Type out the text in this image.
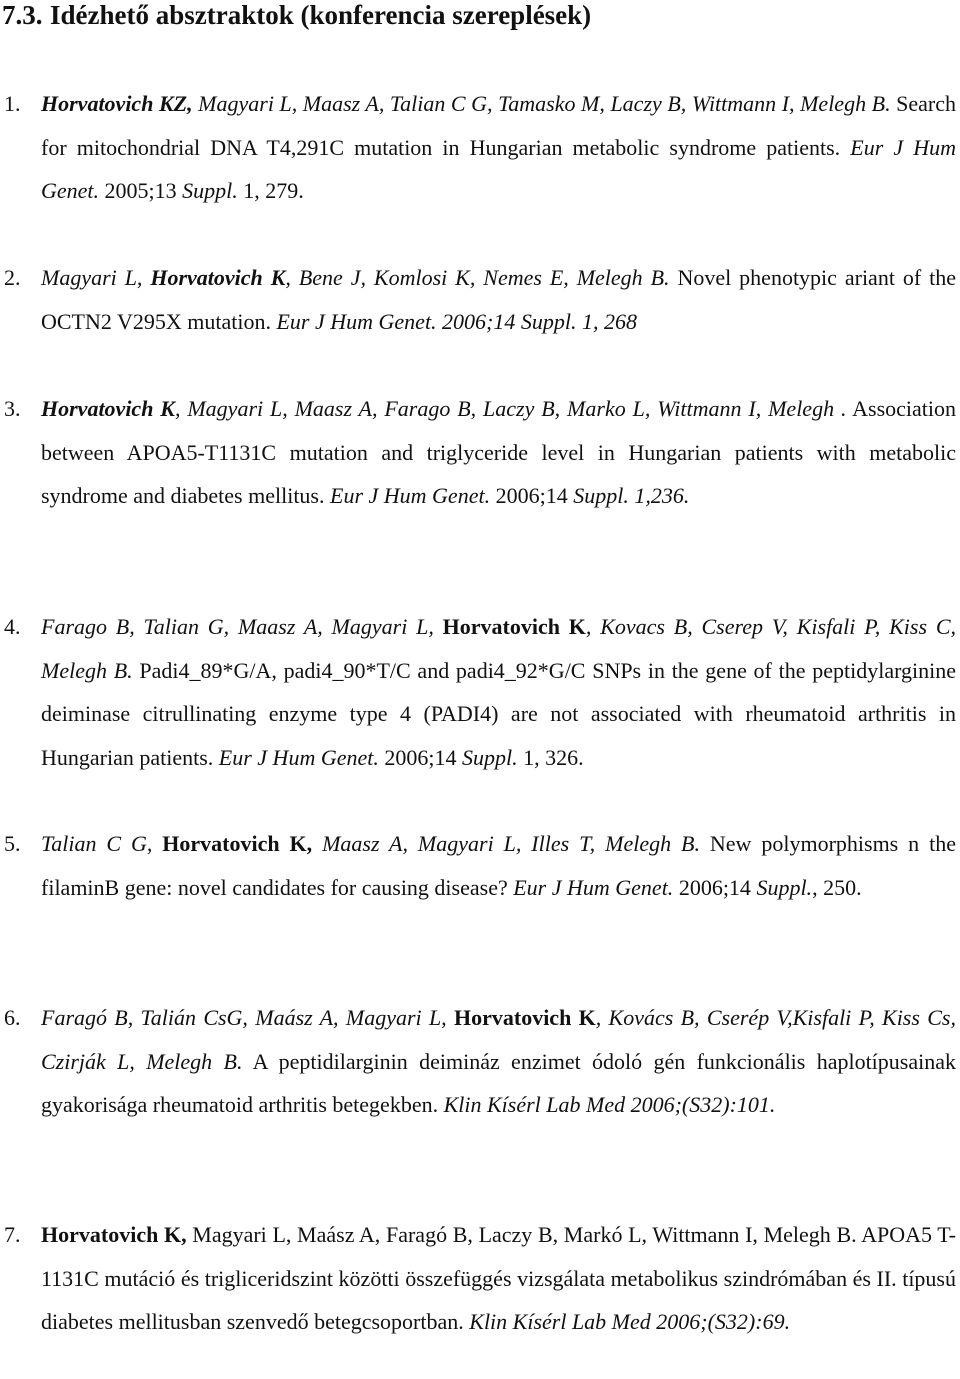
7.3. Idézhető absztraktok (konferencia szereplések)
1. Horvatovich KZ, Magyari L, Maasz A, Talian C G, Tamasko M, Laczy B, Wittmann I, Melegh B. Search for mitochondrial DNA T4,291C mutation in Hungarian metabolic syndrome patients. Eur J Hum Genet. 2005;13 Suppl. 1, 279.
2. Magyari L, Horvatovich K, Bene J, Komlosi K, Nemes E, Melegh B. Novel phenotypic ariant of the OCTN2 V295X mutation. Eur J Hum Genet. 2006;14 Suppl. 1, 268
3. Horvatovich K, Magyari L, Maasz A, Farago B, Laczy B, Marko L, Wittmann I, Melegh . Association between APOA5-T1131C mutation and triglyceride level in Hungarian patients with metabolic syndrome and diabetes mellitus. Eur J Hum Genet. 2006;14 Suppl. 1,236.
4. Farago B, Talian G, Maasz A, Magyari L, Horvatovich K, Kovacs B, Cserep V, Kisfali P, Kiss C, Melegh B. Padi4_89*G/A, padi4_90*T/C and padi4_92*G/C SNPs in the gene of the peptidylarginine deiminase citrullinating enzyme type 4 (PADI4) are not associated with rheumatoid arthritis in Hungarian patients. Eur J Hum Genet. 2006;14 Suppl. 1, 326.
5. Talian C G, Horvatovich K, Maasz A, Magyari L, Illes T, Melegh B. New polymorphisms n the filaminB gene: novel candidates for causing disease? Eur J Hum Genet. 2006;14 Suppl., 250.
6. Faragó B, Talián CsG, Maász A, Magyari L, Horvatovich K, Kovács B, Cserép V,Kisfali P, Kiss Cs, Czirják L, Melegh B. A peptidilarginin deimináz enzimet ódoló gén funkcionális haplotípusainak gyakorisága rheumatoid arthritis betegekben. Klin Kísérl Lab Med 2006;(S32):101.
7. Horvatovich K, Magyari L, Maász A, Faragó B, Laczy B, Markó L, Wittmann I, Melegh B. APOA5 T-1131C mutáció és trigliceridszint közötti összefüggés vizsgálata metabolikus szindrómában és II. típusú diabetes mellitusban szenvedő betegcsoportban. Klin Kísérl Lab Med 2006;(S32):69.
